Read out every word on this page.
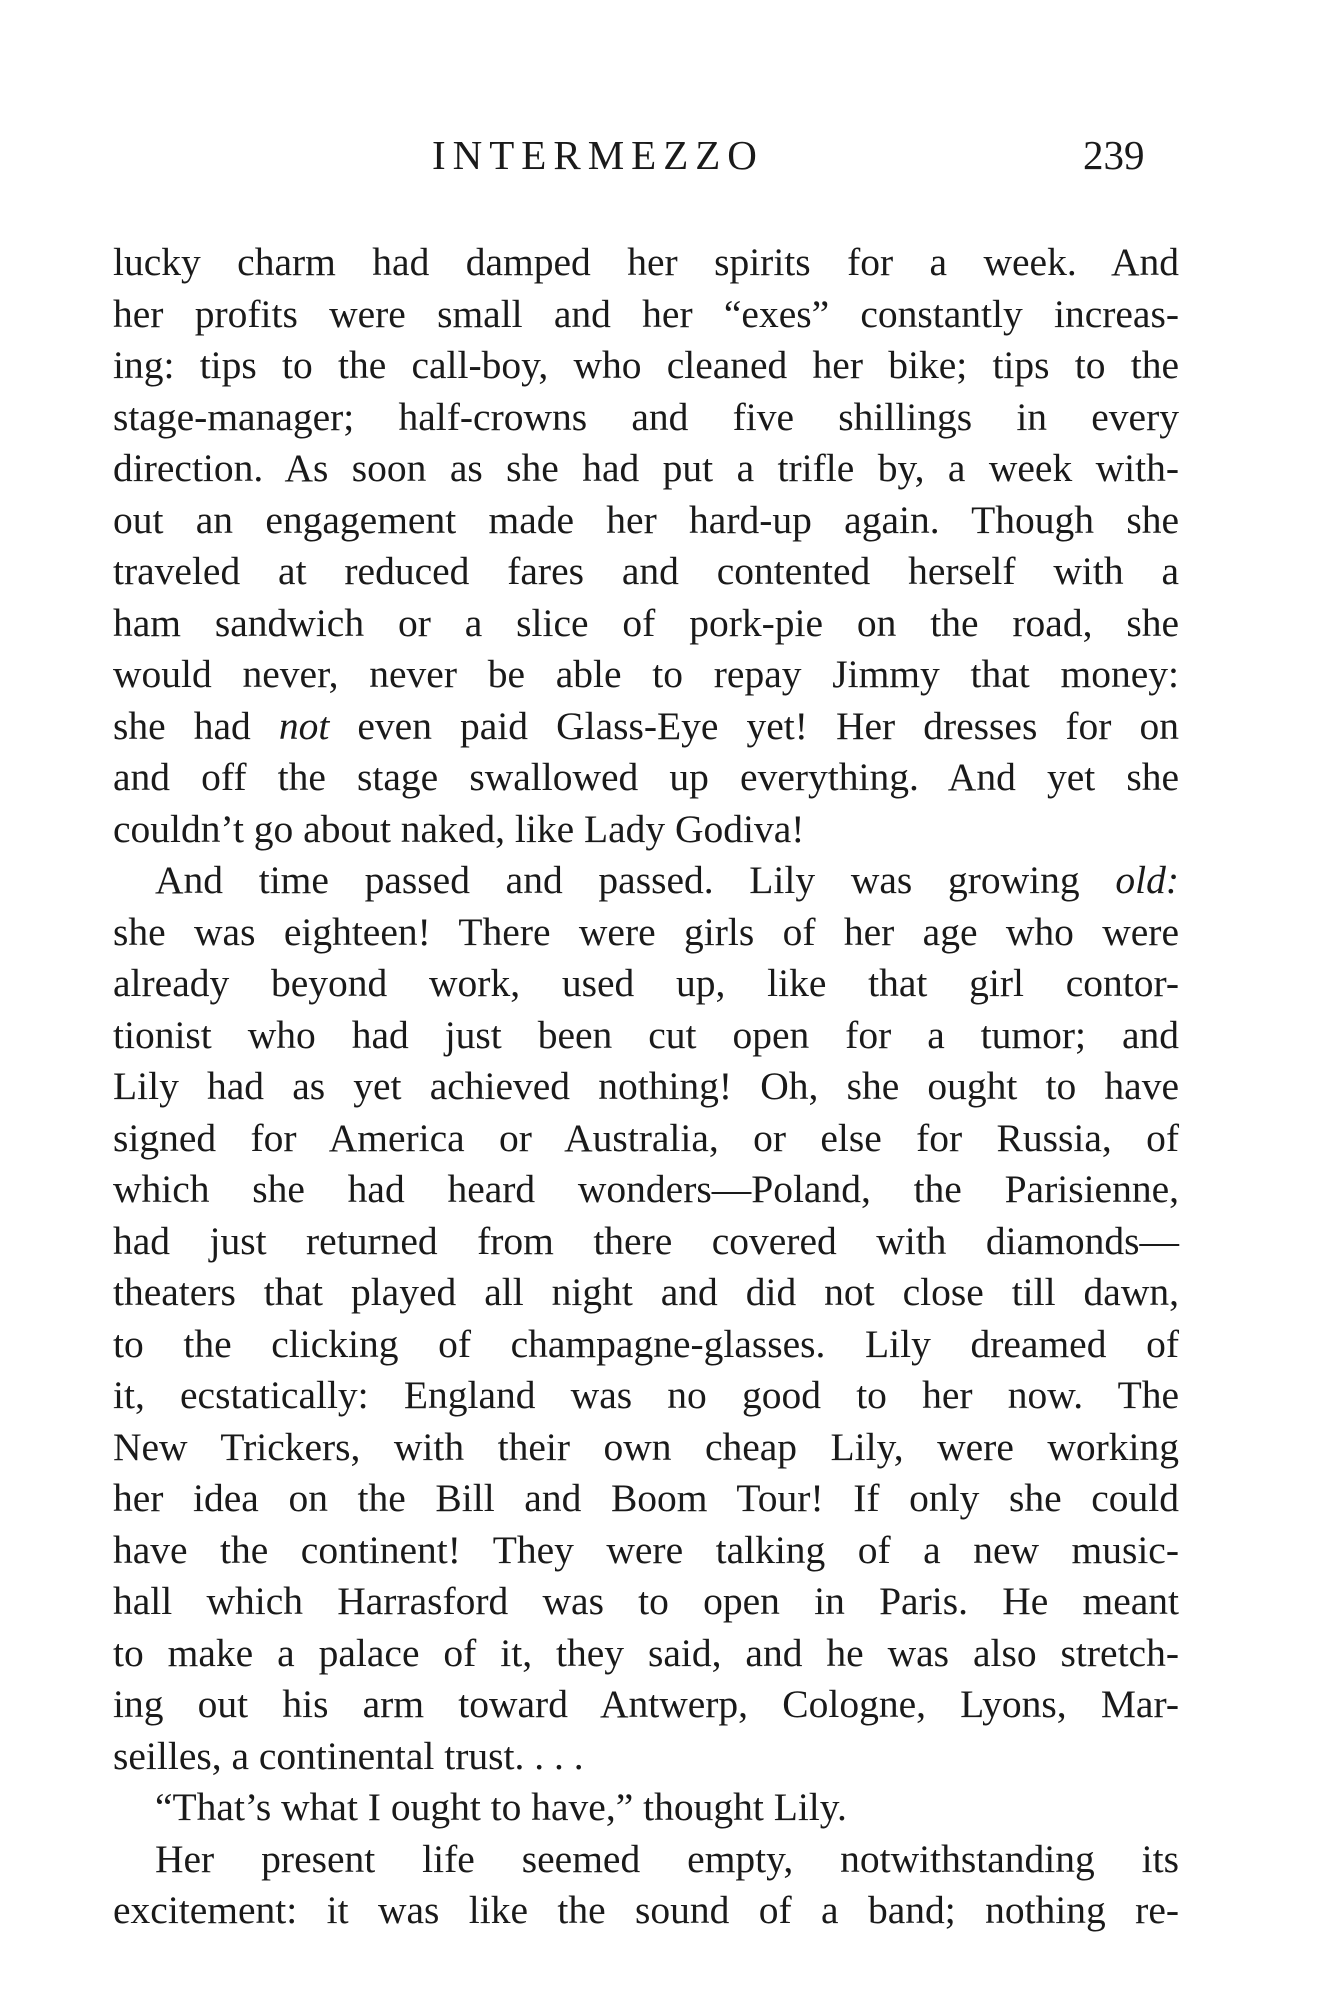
INTERMEZZO	239
lucky charm had damped her spirits for a week. And
her profits were small and her “exes” constantly increas-
ing: tips to the call-boy, who cleaned her bike; tips to the
stage-manager; half-crowns and five shillings in every
direction. As soon as she had put a trifle by, a week with-
out an engagement made her hard-up again. Though she
traveled at reduced fares and contented herself with a
ham sandwich or a slice of pork-pie on the road, she
would never, never be able to repay Jimmy that money:
she had not even paid Glass-Eye yet! Her dresses for on
and off the stage swallowed up everything. And yet she
couldn’t go about naked, like Lady Godiva!
And time passed and passed. Lily was growing old:
she was eighteen! There were girls of her age who were
already beyond work, used up, like that girl contor-
tionist who had just been cut open for a tumor; and
Lily had as yet achieved nothing! Oh, she ought to have
signed for America or Australia, or else for Russia, of
which she had heard wonders—Poland, the Parisienne,
had just returned from there covered with diamonds—
theaters that played all night and did not close till dawn,
to the clicking of champagne-glasses. Lily dreamed of
it, ecstatically: England was no good to her now. The
New Trickers, with their own cheap Lily, were working
her idea on the Bill and Boom Tour! If only she could
have the continent! They were talking of a new music-
hall which Harrasford was to open in Paris. He meant
to make a palace of it, they said, and he was also stretch-
ing out his arm toward Antwerp, Cologne, Lyons, Mar-
seilles, a continental trust. . . .
“That’s what I ought to have,” thought Lily.
Her present life seemed empty, notwithstanding its
excitement: it was like the sound of a band; nothing re-
